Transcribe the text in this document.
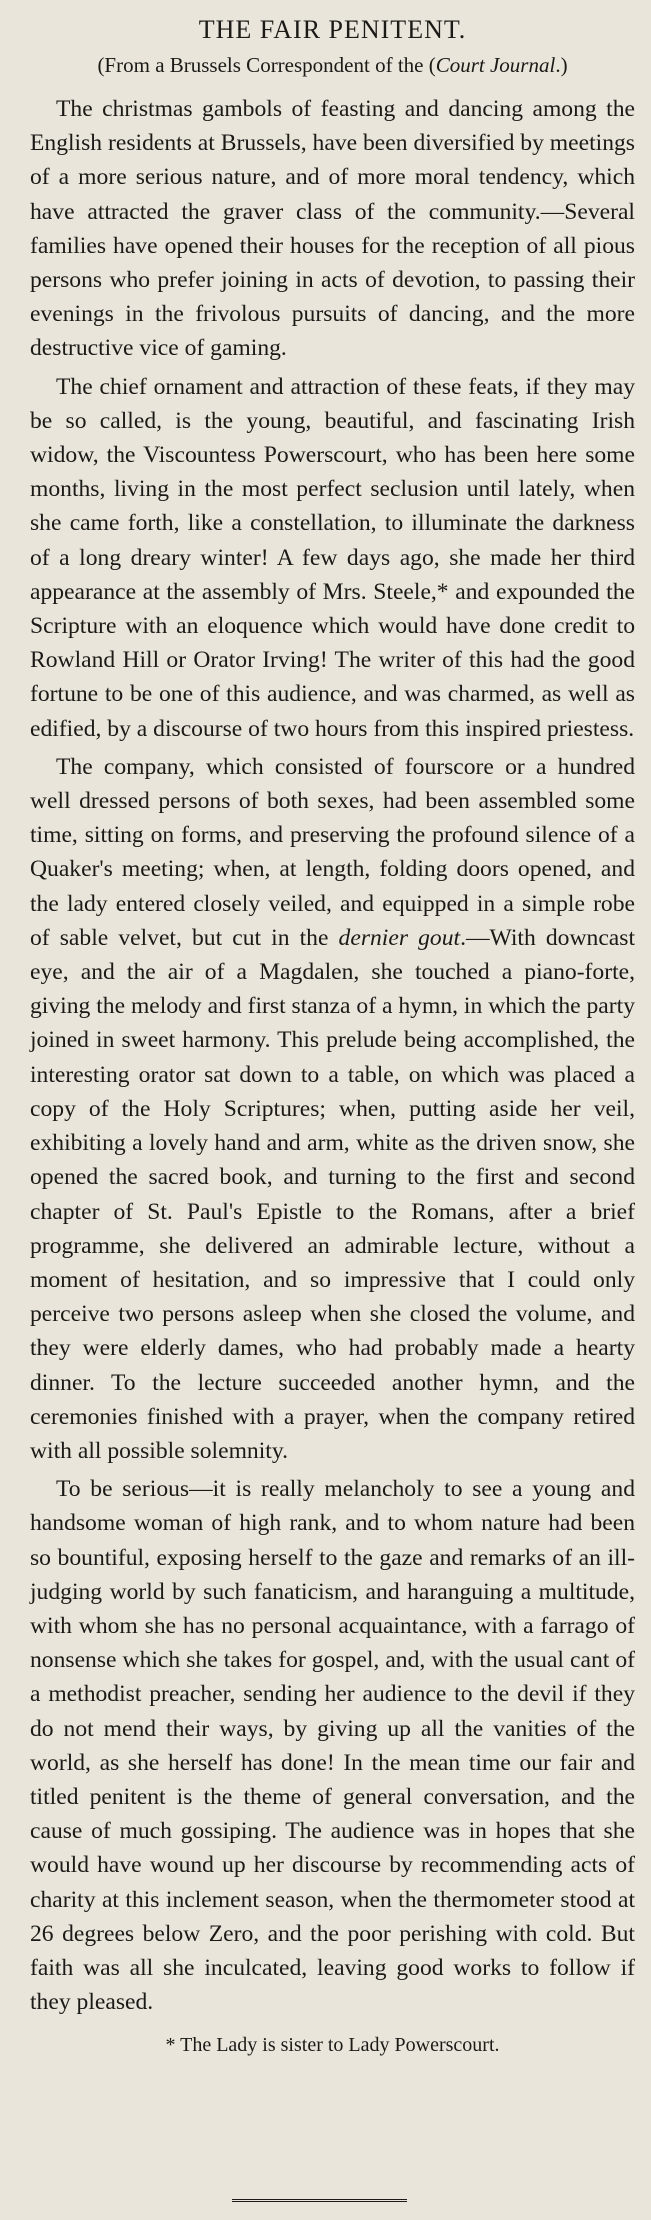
THE FAIR PENITENT.
(From a Brussels Correspondent of the (Court Journal.)

The christmas gambols of feasting and dancing among the English residents at Brussels, have been diversified by meetings of a more serious nature, and of more moral tendency, which have attracted the graver class of the community.—Several families have opened their houses for the reception of all pious persons who prefer joining in acts of devotion, to passing their evenings in the frivolous pursuits of dancing, and the more destructive vice of gaming.

The chief ornament and attraction of these feats, if they may be so called, is the young, beautiful, and fascinating Irish widow, the Viscountess Powerscourt, who has been here some months, living in the most perfect seclusion until lately, when she came forth, like a constellation, to illuminate the darkness of a long dreary winter! A few days ago, she made her third appearance at the assembly of Mrs. Steele,* and expounded the Scripture with an eloquence which would have done credit to Rowland Hill or Orator Irving! The writer of this had the good fortune to be one of this audience, and was charmed, as well as edified, by a discourse of two hours from this inspired priestess.

The company, which consisted of fourscore or a hundred well dressed persons of both sexes, had been assembled some time, sitting on forms, and preserving the profound silence of a Quaker's meeting; when, at length, folding doors opened, and the lady entered closely veiled, and equipped in a simple robe of sable velvet, but cut in the dernier gout.—With downcast eye, and the air of a Magdalen, she touched a piano-forte, giving the melody and first stanza of a hymn, in which the party joined in sweet harmony. This prelude being accomplished, the interesting orator sat down to a table, on which was placed a copy of the Holy Scriptures; when, putting aside her veil, exhibiting a lovely hand and arm, white as the driven snow, she opened the sacred book, and turning to the first and second chapter of St. Paul's Epistle to the Romans, after a brief programme, she delivered an admirable lecture, without a moment of hesitation, and so impressive that I could only perceive two persons asleep when she closed the volume, and they were elderly dames, who had probably made a hearty dinner. To the lecture succeeded another hymn, and the ceremonies finished with a prayer, when the company retired with all possible solemnity.

To be serious—it is really melancholy to see a young and handsome woman of high rank, and to whom nature had been so bountiful, exposing herself to the gaze and remarks of an ill-judging world by such fanaticism, and haranguing a multitude, with whom she has no personal acquaintance, with a farrago of nonsense which she takes for gospel, and, with the usual cant of a methodist preacher, sending her audience to the devil if they do not mend their ways, by giving up all the vanities of the world, as she herself has done! In the mean time our fair and titled penitent is the theme of general conversation, and the cause of much gossiping. The audience was in hopes that she would have wound up her discourse by recommending acts of charity at this inclement season, when the thermometer stood at 26 degrees below Zero, and the poor perishing with cold. But faith was all she inculcated, leaving good works to follow if they pleased.

* The Lady is sister to Lady Powerscourt.
